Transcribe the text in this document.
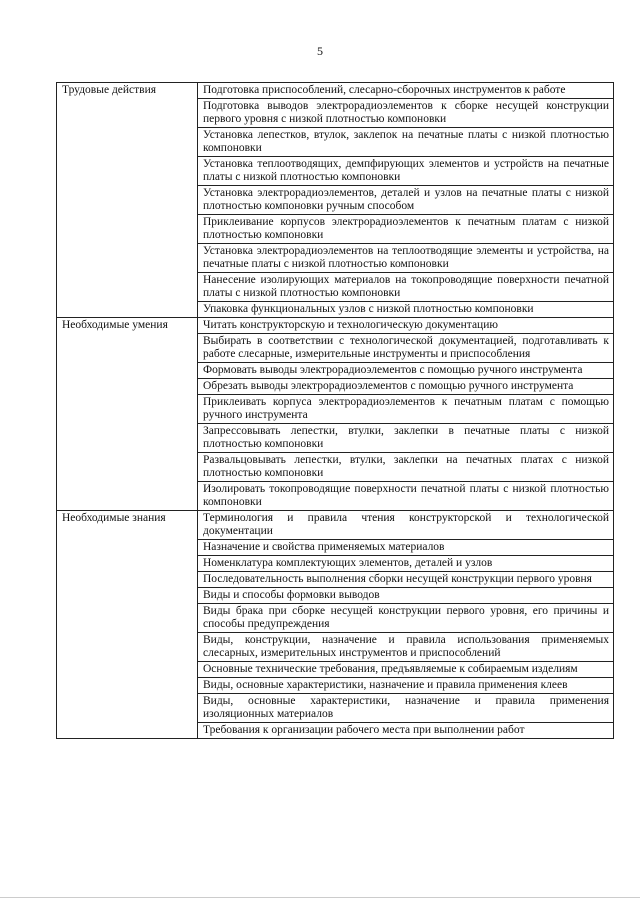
5
Трудовые действия	Подготовка приспособлений, слесарно-сборочных инструментов к работе
	Подготовка выводов электрорадиоэлементов к сборке несущей конструкции первого уровня с низкой плотностью компоновки
	Установка лепестков, втулок, заклепок на печатные платы с низкой плотностью компоновки
	Установка теплоотводящих, демпфирующих элементов и устройств на печатные платы с низкой плотностью компоновки
	Установка электрорадиоэлементов, деталей и узлов на печатные платы с низкой плотностью компоновки ручным способом
	Приклеивание корпусов электрорадиоэлементов к печатным платам с низкой плотностью компоновки
	Установка электрорадиоэлементов на теплоотводящие элементы и устройства, на печатные платы с низкой плотностью компоновки
	Нанесение изолирующих материалов на токопроводящие поверхности печатной платы с низкой плотностью компоновки
	Упаковка функциональных узлов с низкой плотностью компоновки
Необходимые умения	Читать конструкторскую и технологическую документацию
	Выбирать в соответствии с технологической документацией, подготавливать к работе слесарные, измерительные инструменты и приспособления
	Формовать выводы электрорадиоэлементов с помощью ручного инструмента
	Обрезать выводы электрорадиоэлементов с помощью ручного инструмента
	Приклеивать корпуса электрорадиоэлементов к печатным платам с помощью ручного инструмента
	Запрессовывать лепестки, втулки, заклепки в печатные платы с низкой плотностью компоновки
	Развальцовывать лепестки, втулки, заклепки на печатных платах с низкой плотностью компоновки
	Изолировать токопроводящие поверхности печатной платы с низкой плотностью компоновки
Необходимые знания	Терминология и правила чтения конструкторской и технологической документации
	Назначение и свойства применяемых материалов
	Номенклатура комплектующих элементов, деталей и узлов
	Последовательность выполнения сборки несущей конструкции первого уровня
	Виды и способы формовки выводов
	Виды брака при сборке несущей конструкции первого уровня, его причины и способы предупреждения
	Виды, конструкции, назначение и правила использования применяемых слесарных, измерительных инструментов и приспособлений
	Основные технические требования, предъявляемые к собираемым изделиям
	Виды, основные характеристики, назначение и правила применения клеев
	Виды, основные характеристики, назначение и правила применения изоляционных материалов
	Требования к организации рабочего места при выполнении работ
